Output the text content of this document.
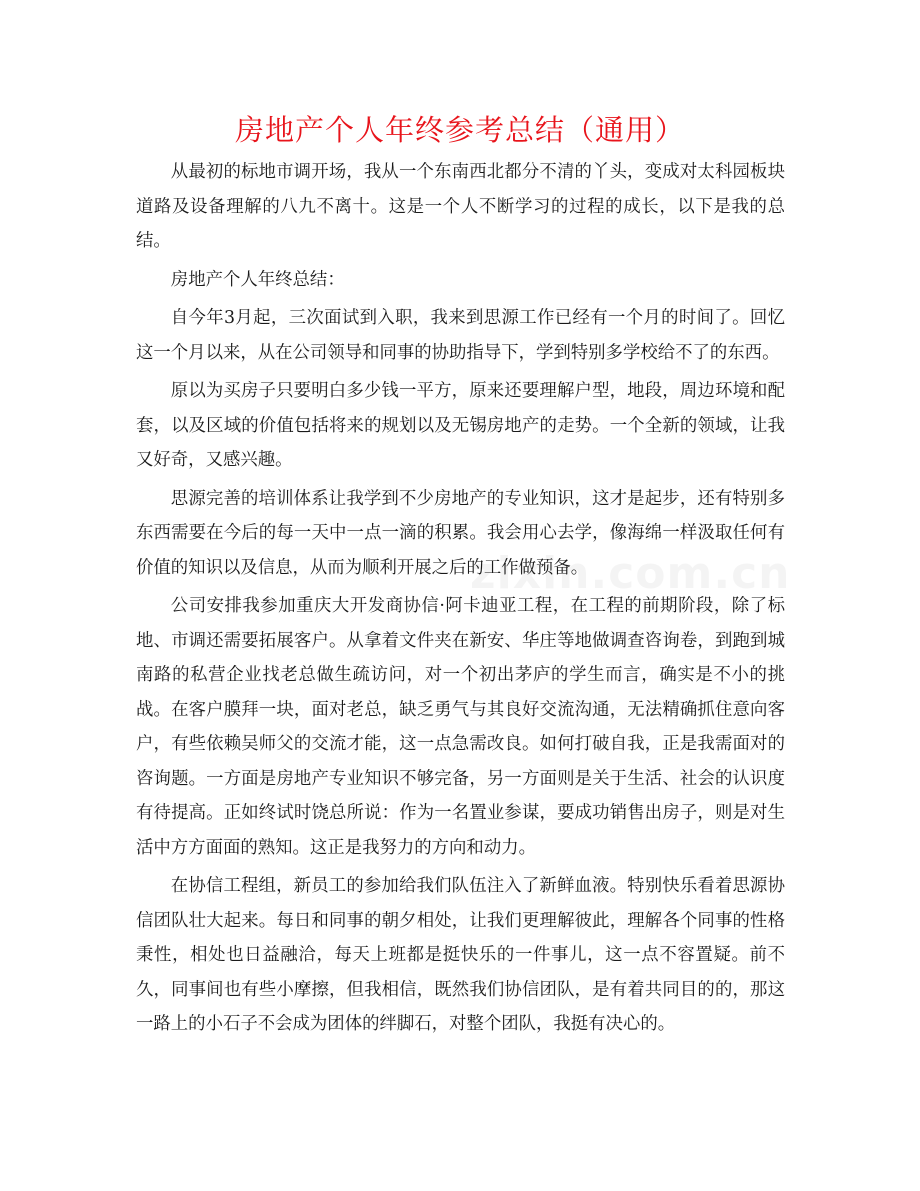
房地产个人年终参考总结（通用）

从最初的标地市调开场，我从一个东南西北都分不清的丫头，变成对太科园板块道路及设备理解的八九不离十。这是一个人不断学习的过程的成长，以下是我的总结。

房地产个人年终总结：

自今年3月起，三次面试到入职，我来到思源工作已经有一个月的时间了。回忆这一个月以来，从在公司领导和同事的协助指导下，学到特别多学校给不了的东西。

原以为买房子只要明白多少钱一平方，原来还要理解户型，地段，周边环境和配套，以及区域的价值包括将来的规划以及无锡房地产的走势。一个全新的领域，让我又好奇，又感兴趣。

思源完善的培训体系让我学到不少房地产的专业知识，这才是起步，还有特别多东西需要在今后的每一天中一点一滴的积累。我会用心去学，像海绵一样汲取任何有价值的知识以及信息，从而为顺利开展之后的工作做预备。

公司安排我参加重庆大开发商协信·阿卡迪亚工程，在工程的前期阶段，除了标地、市调还需要拓展客户。从拿着文件夹在新安、华庄等地做调查咨询卷，到跑到城南路的私营企业找老总做生疏访问，对一个初出茅庐的学生而言，确实是不小的挑战。在客户膜拜一块，面对老总，缺乏勇气与其良好交流沟通，无法精确抓住意向客户，有些依赖吴师父的交流才能，这一点急需改良。如何打破自我，正是我需面对的咨询题。一方面是房地产专业知识不够完备，另一方面则是关于生活、社会的认识度有待提高。正如终试时饶总所说：作为一名置业参谋，要成功销售出房子，则是对生活中方方面面的熟知。这正是我努力的方向和动力。

在协信工程组，新员工的参加给我们队伍注入了新鲜血液。特别快乐看着思源协信团队壮大起来。每日和同事的朝夕相处，让我们更理解彼此，理解各个同事的性格秉性，相处也日益融洽，每天上班都是挺快乐的一件事儿，这一点不容置疑。前不久，同事间也有些小摩擦，但我相信，既然我们协信团队，是有着共同目的的，那这一路上的小石子不会成为团体的绊脚石，对整个团队，我挺有决心的。
